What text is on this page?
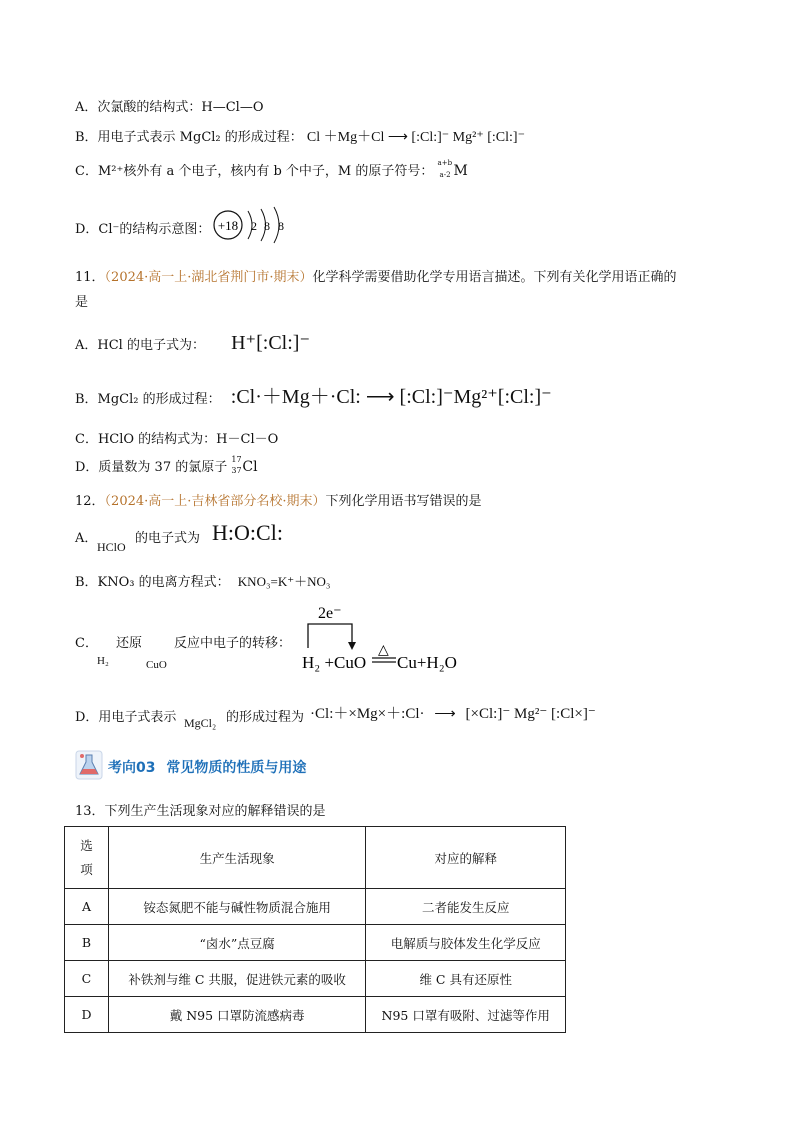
A．次氯酸的结构式：H—Cl—O
B．用电子式表示 MgCl₂ 的形成过程： Cl ＋Mg＋Cl ⟶ [:Cl:]⁻ Mg²⁺ [:Cl:]⁻
C．M²⁺核外有 a 个电子，核内有 b 个中子，M 的原子符号：
a+b
a-2 M
D．Cl⁻的结构示意图： +18 2 8 8
11．（2024·高一上·湖北省荆门市·期末）化学科学需要借助化学专用语言描述。下列有关化学用语正确的
是
A．HCl 的电子式为： H⁺[:Cl:]⁻
B．MgCl₂ 的形成过程： :Cl·＋Mg＋·Cl: ⟶ [:Cl:]⁻Mg²⁺[:Cl:]⁻
C．HClO 的结构式为：H－Cl－O
D．质量数为 37 的氯原子
17
37 Cl
12．（2024·高一上·吉林省部分名校·期末）下列化学用语书写错误的是
A．
HClO
的电子式为 H:O:Cl:
B．KNO₃ 的电离方程式： KNO₃=K⁺＋NO₃
C． 还原 反应中电子的转移：
H₂	CuO
2e⁻
H₂ +CuO
△
Cu+H₂O
D．用电子式表示 MgCl₂ 的形成过程为 ·Cl:＋×Mg×＋:Cl· ⟶ [×Cl:]⁻ Mg²⁻ [:Cl×]⁻
考向03 常见物质的性质与用途
13．下列生产生活现象对应的解释错误的是
选项	生产生活现象	对应的解释
A	铵态氮肥不能与碱性物质混合施用	二者能发生反应
B	“卤水”点豆腐	电解质与胶体发生化学反应
C	补铁剂与维 C 共服，促进铁元素的吸收	维 C 具有还原性
D	戴 N95 口罩防流感病毒	N95 口罩有吸附、过滤等作用
